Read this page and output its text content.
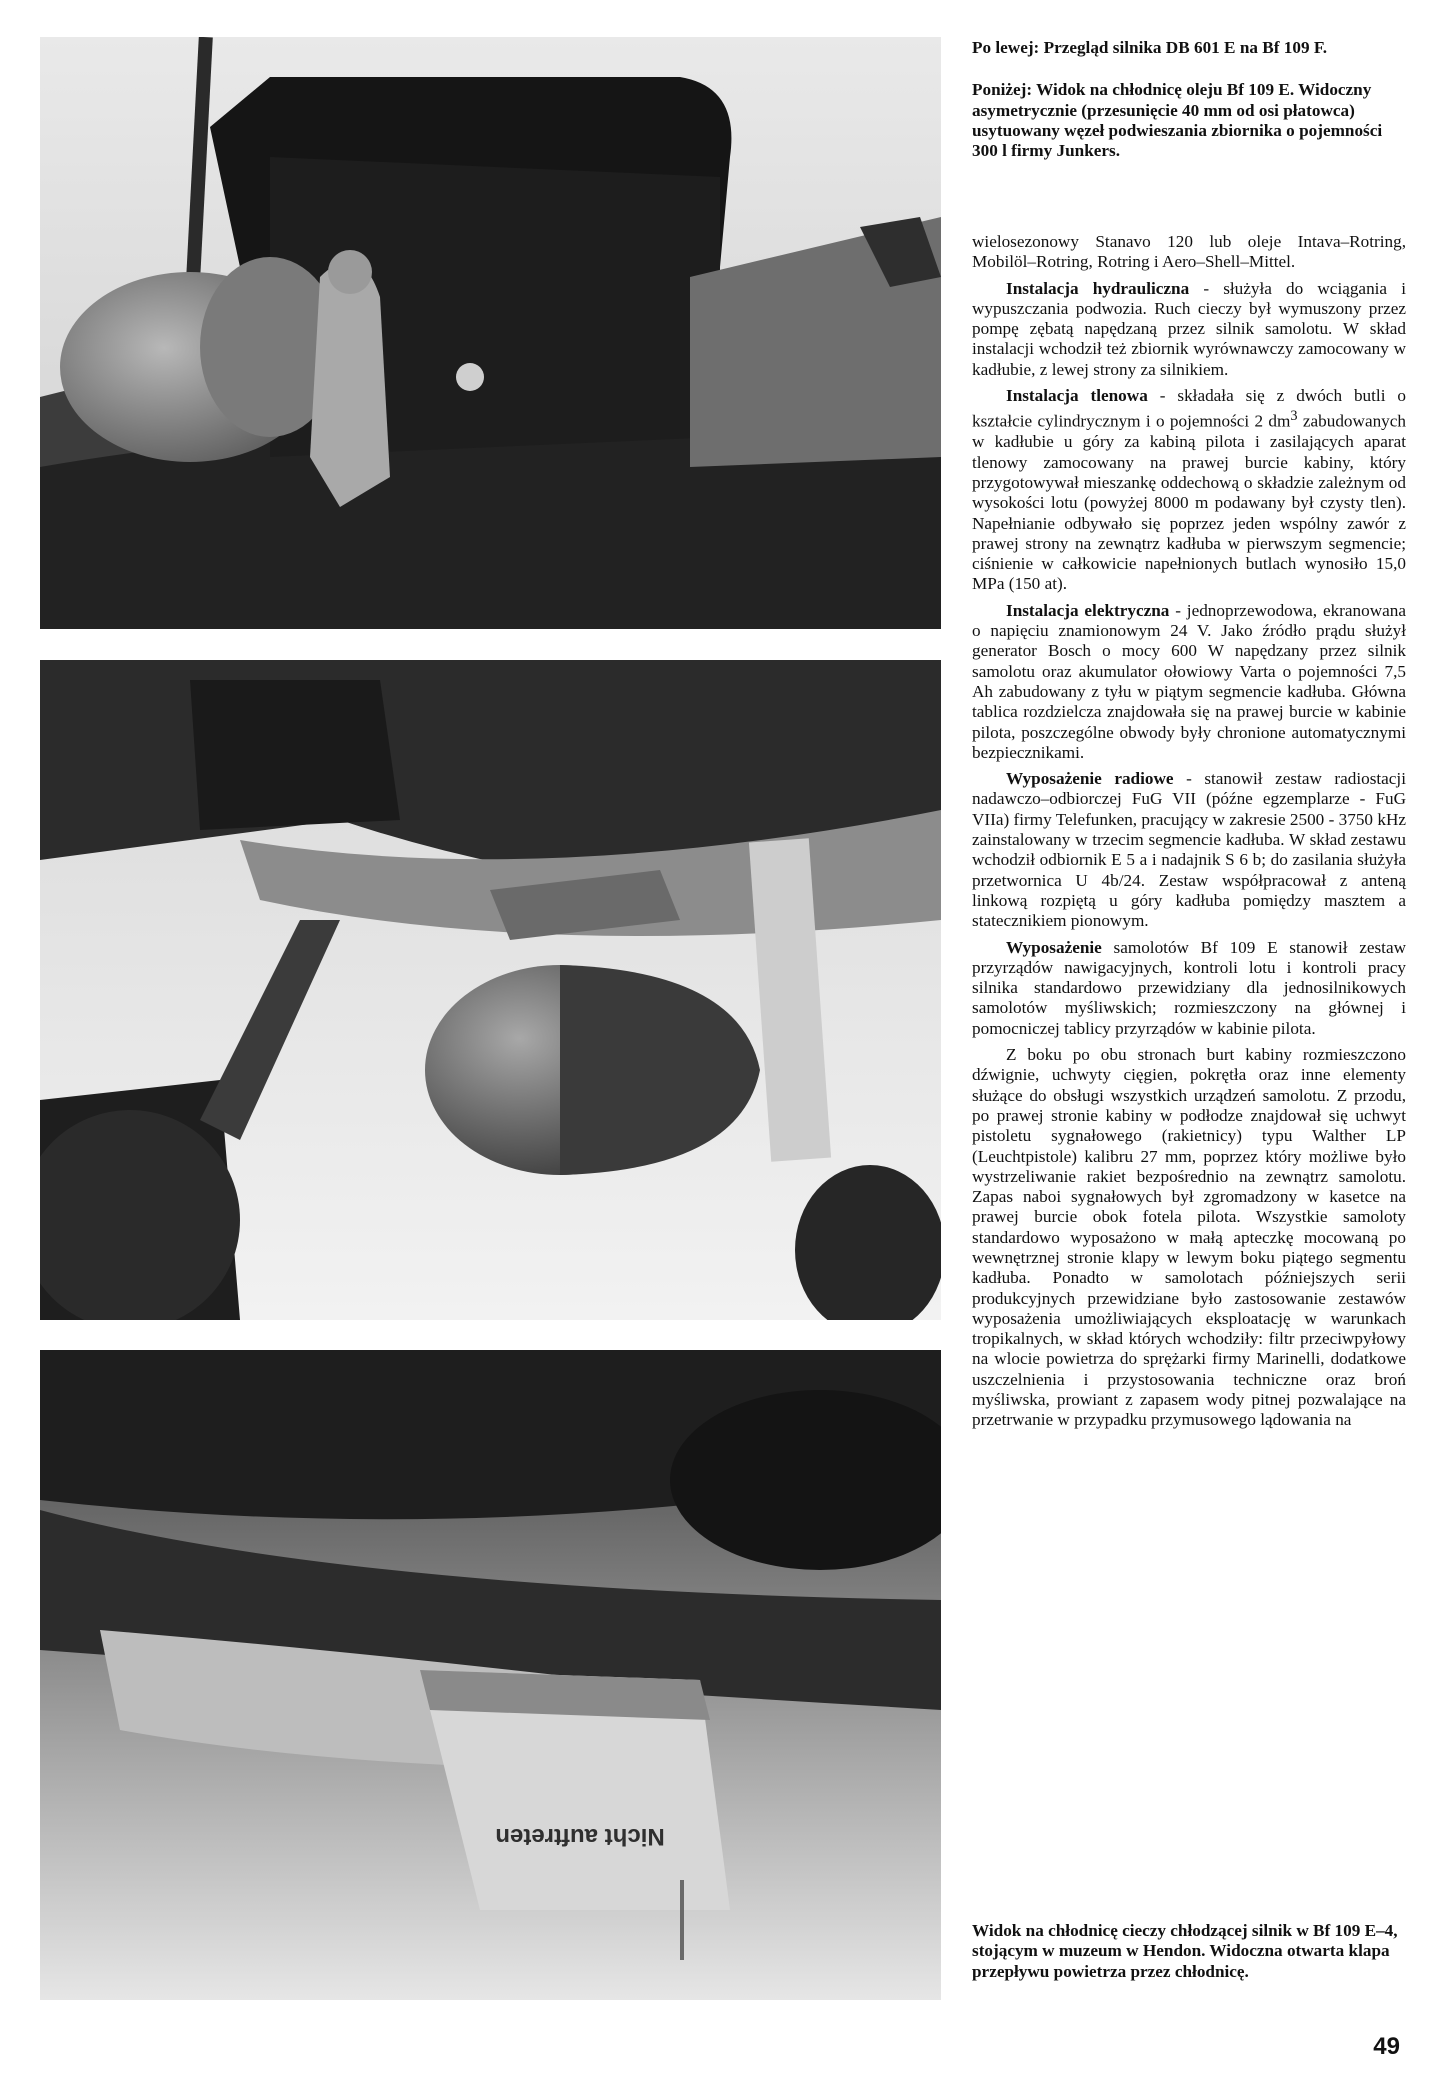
Nicht auftreten

Po lewej: Przegląd silnika DB 601 E na Bf 109 F.

Poniżej: Widok na chłodnicę oleju Bf 109 E. Widoczny asymetrycznie (przesunięcie 40 mm od osi płatowca) usytuowany węzeł podwieszania zbiornika o pojemności 300 l firmy Junkers.

wielosezonowy Stanavo 120 lub oleje Intava–Rotring, Mobilöl–Rotring, Rotring i Aero–Shell–Mittel.

Instalacja hydrauliczna - służyła do wciągania i wypuszczania podwozia. Ruch cieczy był wymuszony przez pompę zębatą napędzaną przez silnik samolotu. W skład instalacji wchodził też zbiornik wyrównawczy zamocowany w kadłubie, z lewej strony za silnikiem.

Instalacja tlenowa - składała się z dwóch butli o kształcie cylindrycznym i o pojemności 2 $dm^3$ zabudowanych w kadłubie u góry za kabiną pilota i zasilających aparat tlenowy zamocowany na prawej burcie kabiny, który przygotowywał mieszankę oddechową o składzie zależnym od wysokości lotu (powyżej 8000 m podawany był czysty tlen). Napełnianie odbywało się poprzez jeden wspólny zawór z prawej strony na zewnątrz kadłuba w pierwszym segmencie; ciśnienie w całkowicie napełnionych butlach wynosiło 15,0 MPa (150 at).

Instalacja elektryczna - jednoprzewodowa, ekranowana o napięciu znamionowym 24 V. Jako źródło prądu służył generator Bosch o mocy 600 W napędzany przez silnik samolotu oraz akumulator ołowiowy Varta o pojemności 7,5 Ah zabudowany z tyłu w piątym segmencie kadłuba. Główna tablica rozdzielcza znajdowała się na prawej burcie w kabinie pilota, poszczególne obwody były chronione automatycznymi bezpiecznikami.

Wyposażenie radiowe - stanowił zestaw radiostacji nadawczo–odbiorczej FuG VII (późne egzemplarze - FuG VIIa) firmy Telefunken, pracujący w zakresie 2500 - 3750 kHz zainstalowany w trzecim segmencie kadłuba. W skład zestawu wchodził odbiornik E 5 a i nadajnik S 6 b; do zasilania służyła przetwornica U 4b/24. Zestaw współpracował z anteną linkową rozpiętą u góry kadłuba pomiędzy masztem a statecznikiem pionowym.

Wyposażenie samolotów Bf 109 E stanowił zestaw przyrządów nawigacyjnych, kontroli lotu i kontroli pracy silnika standardowo przewidziany dla jednosilnikowych samolotów myśliwskich; rozmieszczony na głównej i pomocniczej tablicy przyrządów w kabinie pilota.

Z boku po obu stronach burt kabiny rozmieszczono dźwignie, uchwyty cięgien, pokrętła oraz inne elementy służące do obsługi wszystkich urządzeń samolotu. Z przodu, po prawej stronie kabiny w podłodze znajdował się uchwyt pistoletu sygnałowego (rakietnicy) typu Walther LP (Leuchtpistole) kalibru 27 mm, poprzez który możliwe było wystrzeliwanie rakiet bezpośrednio na zewnątrz samolotu. Zapas naboi sygnałowych był zgromadzony w kasetce na prawej burcie obok fotela pilota. Wszystkie samoloty standardowo wyposażono w małą apteczkę mocowaną po wewnętrznej stronie klapy w lewym boku piątego segmentu kadłuba. Ponadto w samolotach późniejszych serii produkcyjnych przewidziane było zastosowanie zestawów wyposażenia umożliwiających eksploatację w warunkach tropikalnych, w skład których wchodziły: filtr przeciwpyłowy na wlocie powietrza do sprężarki firmy Marinelli, dodatkowe uszczelnienia i przystosowania techniczne oraz broń myśliwska, prowiant z zapasem wody pitnej pozwalające na przetrwanie w przypadku przymusowego lądowania na

Widok na chłodnicę cieczy chłodzącej silnik w Bf 109 E–4, stojącym w muzeum w Hendon. Widoczna otwarta klapa przepływu powietrza przez chłodnicę.

49
